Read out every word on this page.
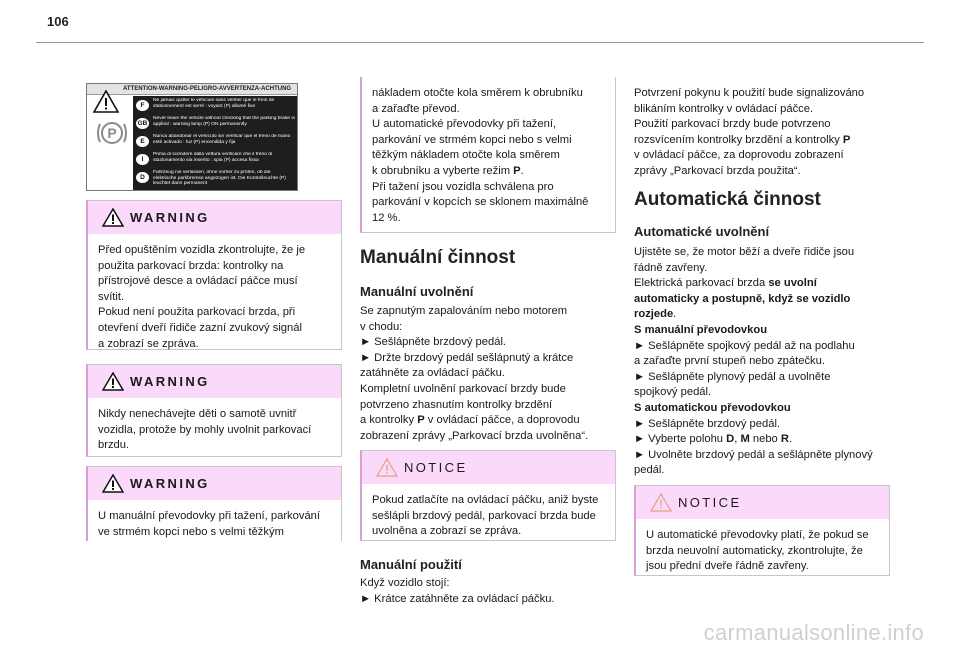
106
ATTENTION-WARNING-PELIGRO-AVVERTENZA-ACHTUNG
P
F
Ne jamais quitter le véhicule sans vérifier que le frein de stationnement est serré : voyant (P) allumé fixe
GB
Never leave the vehicle without checking that the parking brake is applied : warning lamp (P) ON permanently
E
Nunca abandonar el vehículo sin verificar que el freno de mano esté activado : luz (P) encendida y fija
I
Prima di scendere dalla vettura verificare che il freno di stazionamento sia inserito : spia (P) accesa fissa
D
Fahrzeug nie verlassen, ohne vorher zu prüfen, ob die elektrische parkbremse angezogen ist. Die Kontrolleuchte (P) leuchtet dann permanent
WARNING

Před opuštěním vozidla zkontrolujte, že je

použita parkovací brzda: kontrolky na

přístrojové desce a ovládací páčce musí

svítit.

Pokud není použita parkovací brzda, při

otevření dveří řidiče zazní zvukový signál

a zobrazí se zpráva.

WARNING

Nikdy nenechávejte děti o samotě uvnitř

vozidla, protože by mohly uvolnit parkovací

brzdu.

WARNING

U manuální převodovky při tažení, parkování

ve strmém kopci nebo s velmi těžkým

nákladem otočte kola směrem k obrubníku

a zařaďte převod.

U automatické převodovky při tažení,

parkování ve strmém kopci nebo s velmi

těžkým nákladem otočte kola směrem

k obrubníku a vyberte režim P.

Při tažení jsou vozidla schválena pro

parkování v kopcích se sklonem maximálně

12 %.

Manuální činnost
Manuální uvolnění

Se zapnutým zapalováním nebo motorem

v chodu:

► Sešlápněte brzdový pedál.

► Držte brzdový pedál sešlápnutý a krátce

zatáhněte za ovládací páčku.

Kompletní uvolnění parkovací brzdy bude

potvrzeno zhasnutím kontrolky brzdění

a kontrolky P v ovládací páčce, a doprovodu

zobrazení zprávy „Parkovací brzda uvolněna“.

NOTICE

Pokud zatlačíte na ovládací páčku, aniž byste

sešlápli brzdový pedál, parkovací brzda bude

uvolněna a zobrazí se zpráva.

Manuální použití

Když vozidlo stojí:

► Krátce zatáhněte za ovládací páčku.

Potvrzení pokynu k použití bude signalizováno

blikáním kontrolky v ovládací páčce.

Použití parkovací brzdy bude potvrzeno

rozsvícením kontrolky brzdění a kontrolky P

v ovládací páčce, za doprovodu zobrazení

zprávy „Parkovací brzda použita“.

Automatická činnost
Automatické uvolnění

Ujistěte se, že motor běží a dveře řidiče jsou

řádně zavřeny.

Elektrická parkovací brzda se uvolní

automaticky a postupně, když se vozidlo

rozjede.

S manuální převodovkou

► Sešlápněte spojkový pedál až na podlahu

a zařaďte první stupeň nebo zpátečku.

► Sešlápněte plynový pedál a uvolněte

spojkový pedál.

S automatickou převodovkou

► Sešlápněte brzdový pedál.

► Vyberte polohu D, M nebo R.

► Uvolněte brzdový pedál a sešlápněte plynový

pedál.

NOTICE

U automatické převodovky platí, že pokud se

brzda neuvolní automaticky, zkontrolujte, že

jsou přední dveře řádně zavřeny.

carmanualsonline.info
